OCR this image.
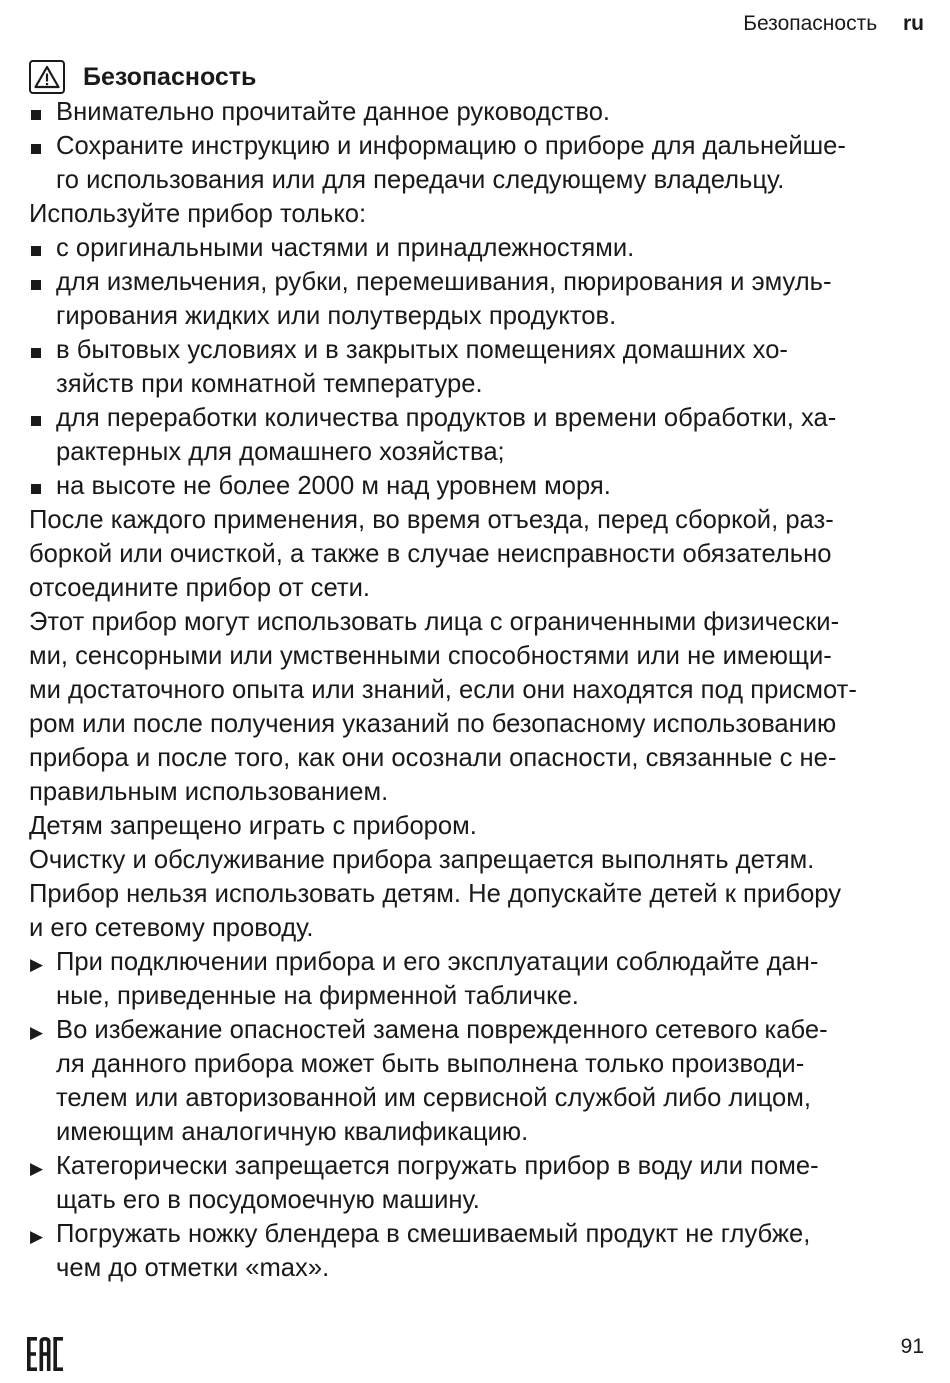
Безопасность ru
Безопасность
Внимательно прочитайте данное руководство.
Сохраните инструкцию и информацию о приборе для дальнейше-
го использования или для передачи следующему владельцу.
Используйте прибор только:
с оригинальными частями и принадлежностями.
для измельчения, рубки, перемешивания, пюрирования и эмуль-
гирования жидких или полутвердых продуктов.
в бытовых условиях и в закрытых помещениях домашних хо-
зяйств при комнатной температуре.
для переработки количества продуктов и времени обработки, ха-
рактерных для домашнего хозяйства;
на высоте не более 2000 м над уровнем моря.
После каждого применения, во время отъезда, перед сборкой, раз-
боркой или очисткой, а также в случае неисправности обязательно
отсоедините прибор от сети.
Этот прибор могут использовать лица с ограниченными физически-
ми, сенсорными или умственными способностями или не имеющи-
ми достаточного опыта или знаний, если они находятся под присмот-
ром или после получения указаний по безопасному использованию
прибора и после того, как они осознали опасности, связанные с не-
правильным использованием.
Детям запрещено играть с прибором.
Очистку и обслуживание прибора запрещается выполнять детям.
Прибор нельзя использовать детям. Не допускайте детей к прибору
и его сетевому проводу.
▶ При подключении прибора и его эксплуатации соблюдайте дан-
ные, приведенные на фирменной табличке.
▶ Во избежание опасностей замена поврежденного сетевого кабе-
ля данного прибора может быть выполнена только производи-
телем или авторизованной им сервисной службой либо лицом,
имеющим аналогичную квалификацию.
▶ Категорически запрещается погружать прибор в воду или поме-
щать его в посудомоечную машину.
▶ Погружать ножку блендера в смешиваемый продукт не глубже,
чем до отметки «max».
91
